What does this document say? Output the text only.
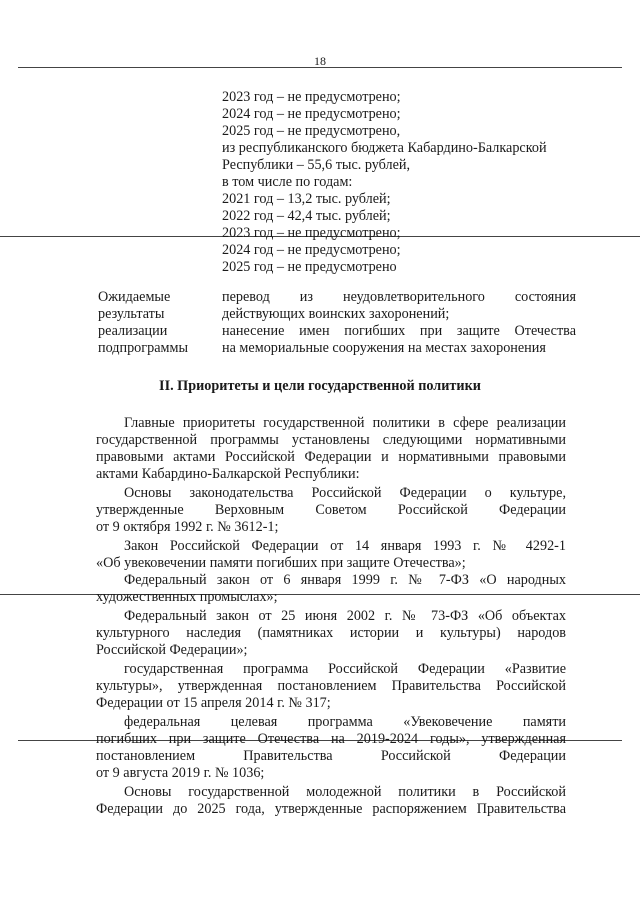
18
2023 год – не предусмотрено;
2024 год – не предусмотрено;
2025 год – не предусмотрено,
из республиканского бюджета Кабардино-Балкарской
Республики – 55,6 тыс. рублей,
в том числе по годам:
2021 год – 13,2 тыс. рублей;
2022 год – 42,4 тыс. рублей;
2023 год – не предусмотрено;
2024 год – не предусмотрено;
2025 год – не предусмотрено
Ожидаемые
результаты
реализации
подпрограммы
перевод из неудовлетворительного состояния
действующих воинских захоронений;
нанесение имен погибших при защите Отечества
на мемориальные сооружения на местах захоронения
II. Приоритеты и цели государственной политики
Главные приоритеты государственной политики в сфере реализации
государственной программы установлены следующими нормативными
правовыми актами Российской Федерации и нормативными правовыми
актами Кабардино-Балкарской Республики:
Основы законодательства Российской Федерации о культуре,
утвержденные Верховным Советом Российской Федерации
от 9 октября 1992 г. № 3612-1;
Закон Российской Федерации от 14 января 1993 г. № 4292-1
«Об увековечении памяти погибших при защите Отечества»;
Федеральный закон от 6 января 1999 г. № 7-ФЗ «О народных
художественных промыслах»;
Федеральный закон от 25 июня 2002 г. № 73-ФЗ «Об объектах
культурного наследия (памятниках истории и культуры) народов
Российской Федерации»;
государственная программа Российской Федерации «Развитие
культуры», утвержденная постановлением Правительства Российской
Федерации от 15 апреля 2014 г. № 317;
федеральная целевая программа «Увековечение памяти
погибших при защите Отечества на 2019-2024 годы», утвержденная
постановлением Правительства Российской Федерации
от 9 августа 2019 г. № 1036;
Основы государственной молодежной политики в Российской
Федерации до 2025 года, утвержденные распоряжением Правительства
